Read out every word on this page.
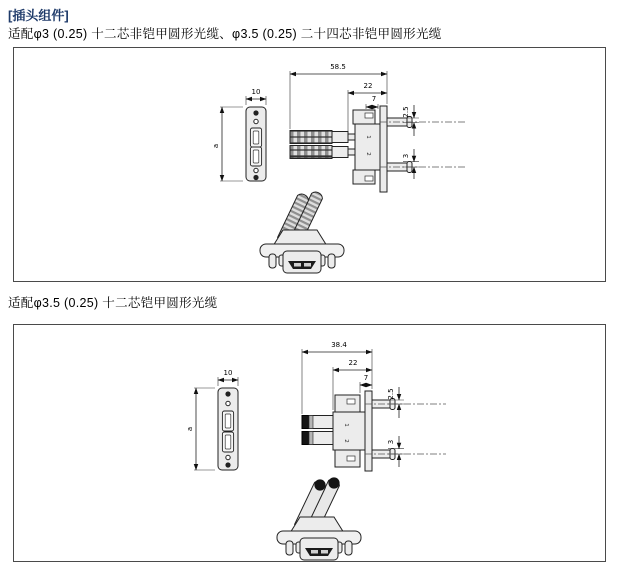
[插头组件]
适配φ3 (0.25) 十二芯非铠甲圆形光缆、φ3.5 (0.25) 二十四芯非铠甲圆形光缆
10
a
1
2
58.5
22
7
2.5
3
适配φ3.5 (0.25) 十二芯铠甲圆形光缆
10
a
1
2
38.4
22
7
2.5
3
